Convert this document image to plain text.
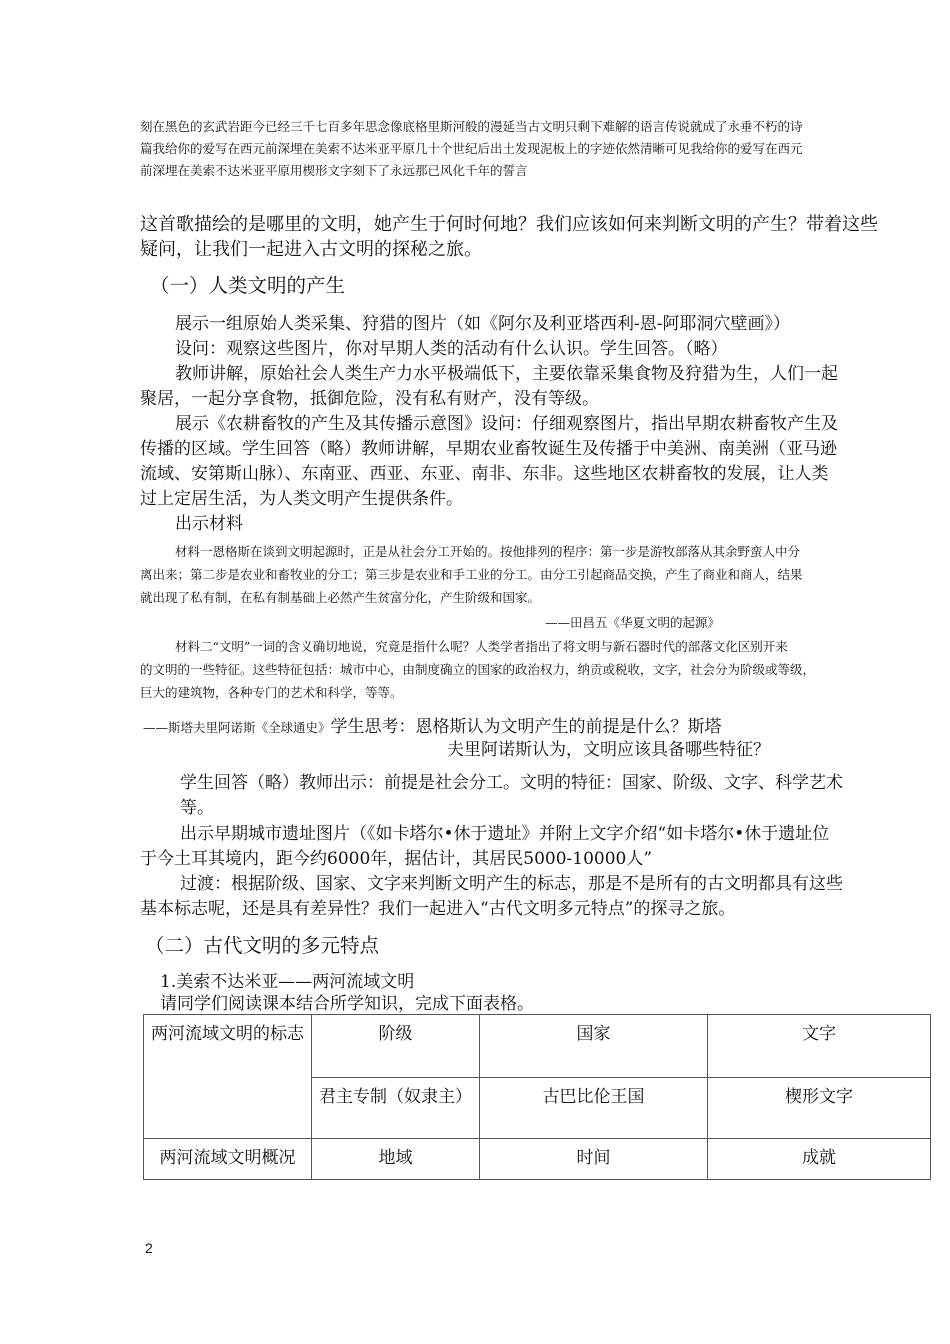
刻在黑色的玄武岩距今已经三千七百多年思念像底格里斯河般的漫延当古文明只剩下难解的语言传说就成了永垂不朽的诗
篇我给你的爱写在西元前深埋在美索不达米亚平原几十个世纪后出土发现泥板上的字迹依然清晰可见我给你的爱写在西元
前深埋在美索不达米亚平原用楔形文字刻下了永远那已风化千年的誓言
这首歌描绘的是哪里的文明，她产生于何时何地？我们应该如何来判断文明的产生？带着这些
疑问，让我们一起进入古文明的探秘之旅。
（一）人类文明的产生
展示一组原始人类采集、狩猎的图片（如《阿尔及利亚塔西利-恩-阿耶洞穴壁画》）
设问：观察这些图片，你对早期人类的活动有什么认识。学生回答。（略）
教师讲解，原始社会人类生产力水平极端低下，主要依靠采集食物及狩猎为生，人们一起
聚居，一起分享食物，抵御危险，没有私有财产，没有等级。
展示《农耕畜牧的产生及其传播示意图》设问：仔细观察图片，指出早期农耕畜牧产生及
传播的区域。学生回答（略）教师讲解，早期农业畜牧诞生及传播于中美洲、南美洲（亚马逊
流域、安第斯山脉）、东南亚、西亚、东亚、南非、东非。这些地区农耕畜牧的发展，让人类
过上定居生活，为人类文明产生提供条件。
出示材料
材料一恩格斯在谈到文明起源时，正是从社会分工开始的。按他排列的程序：第一步是游牧部落从其余野蛮人中分
离出来；第二步是农业和畜牧业的分工；第三步是农业和手工业的分工。由分工引起商品交换，产生了商业和商人，结果
就出现了私有制，在私有制基础上必然产生贫富分化，产生阶级和国家。
——田昌五《华夏文明的起源》
材料二“文明”一词的含义确切地说，究竟是指什么呢？人类学者指出了将文明与新石器时代的部落文化区别开来
的文明的一些特征。这些特征包括：城市中心，由制度确立的国家的政治权力，纳贡或税收，文字，社会分为阶级或等级，
巨大的建筑物，各种专门的艺术和科学，等等。
——斯塔夫里阿诺斯《全球通史》学生思考：恩格斯认为文明产生的前提是什么？斯塔
夫里阿诺斯认为，文明应该具备哪些特征？
学生回答（略）教师出示：前提是社会分工。文明的特征：国家、阶级、文字、科学艺术
等。
出示早期城市遗址图片（《如卡塔尔•休于遗址》并附上文字介绍“如卡塔尔•休于遗址位
于今土耳其境内，距今约6000年，据估计，其居民5000-10000人”
过渡：根据阶级、国家、文字来判断文明产生的标志，那是不是所有的古文明都具有这些
基本标志呢，还是具有差异性？我们一起进入“古代文明多元特点”的探寻之旅。
（二）古代文明的多元特点
1.美索不达米亚——两河流域文明
请同学们阅读课本结合所学知识，完成下面表格。
两河流域文明的标志	阶级	国家	文字
	君主专制（奴隶主）	古巴比伦王国	楔形文字
两河流域文明概况	地域	时间	成就
2
